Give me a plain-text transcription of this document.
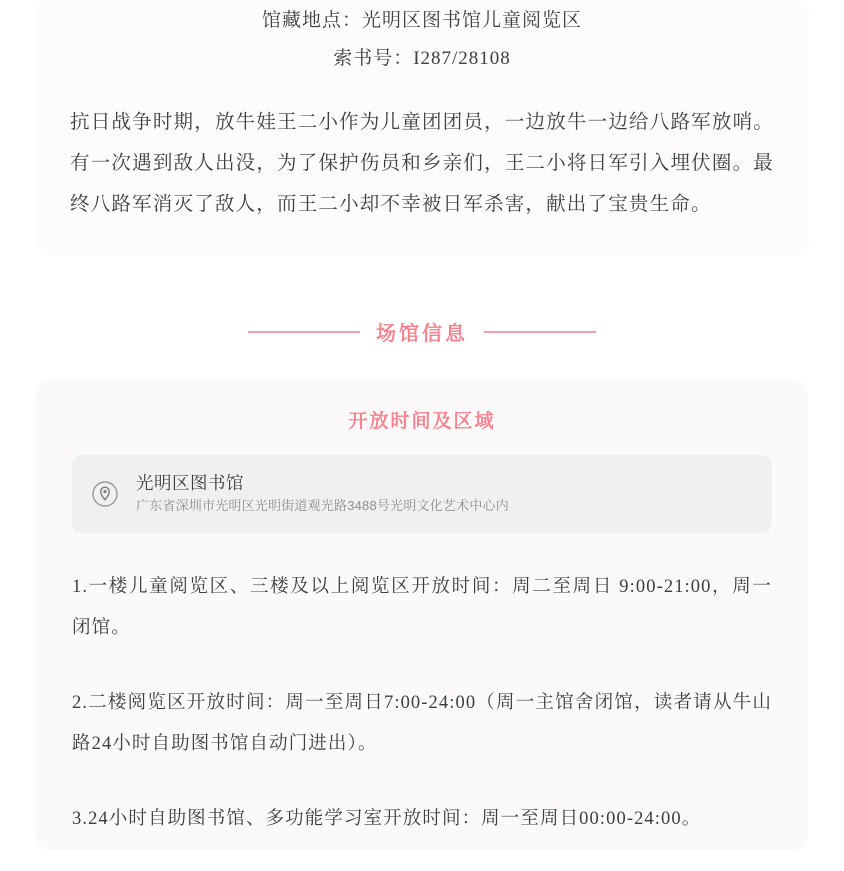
馆藏地点：光明区图书馆儿童阅览区
索书号：I287/28108
抗日战争时期，放牛娃王二小作为儿童团团员，一边放牛一边给八路军放哨。有一次遇到敌人出没，为了保护伤员和乡亲们，王二小将日军引入埋伏圈。最终八路军消灭了敌人，而王二小却不幸被日军杀害，献出了宝贵生命。
场馆信息
开放时间及区域
光明区图书馆
广东省深圳市光明区光明街道观光路3488号光明文化艺术中心内
1.一楼儿童阅览区、三楼及以上阅览区开放时间：周二至周日 9:00-21:00，周一闭馆。
2.二楼阅览区开放时间：周一至周日7:00-24:00（周一主馆舍闭馆，读者请从牛山路24小时自助图书馆自动门进出）。
3.24小时自助图书馆、多功能学习室开放时间：周一至周日00:00-24:00。
